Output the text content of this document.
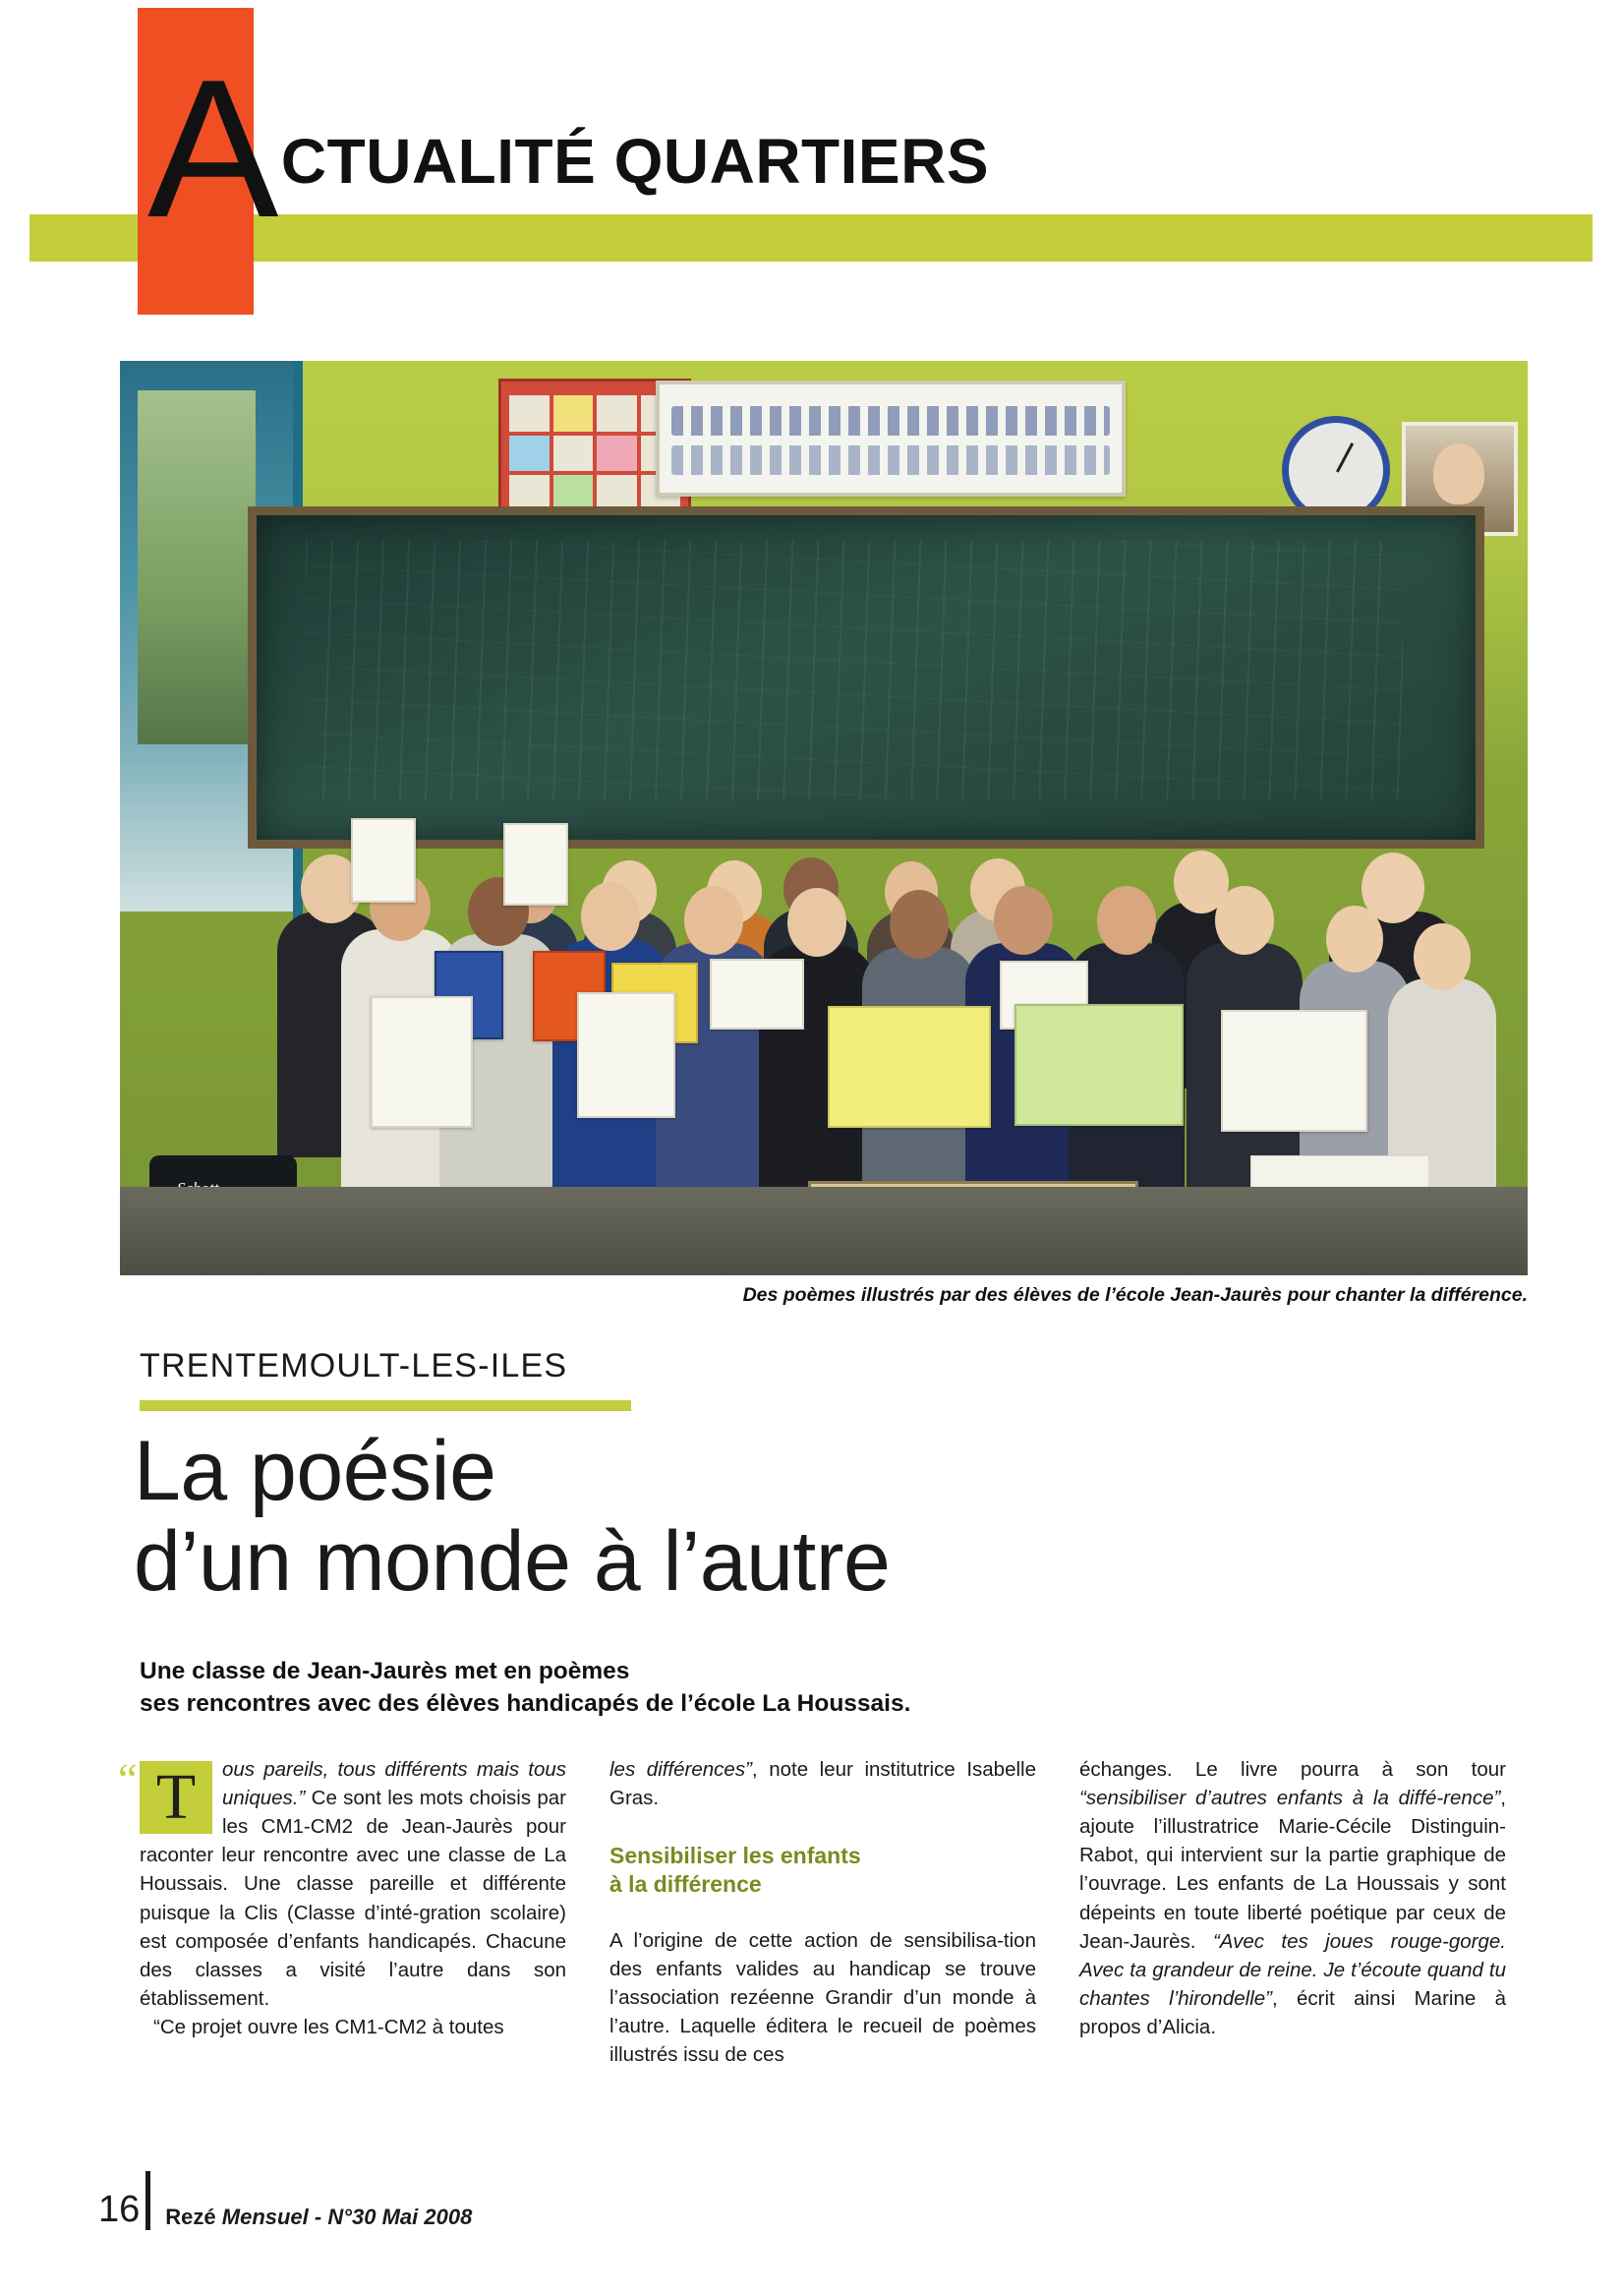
ACTUALITÉ QUARTIERS
Schott
Des poèmes illustrés par des élèves de l’école Jean-Jaurès pour chanter la différence.
TRENTEMOULT-LES-ILES
La poésie
d’un monde à l’autre
Une classe de Jean-Jaurès met en poèmes
ses rencontres avec des élèves handicapés de l’école La Houssais.

“ T	ous pareils, tous différents mais tous uniques.” Ce sont les mots choisis par les CM1-CM2 de Jean-Jaurès pour raconter leur rencontre avec une classe de La Houssais. Une classe pareille et différente puisque la Clis (Classe d’inté-gration scolaire) est composée d’enfants handicapés. Chacune des classes a visité l’autre dans son établissement.

“Ce projet ouvre les CM1-CM2 à toutes

les différences”, note leur institutrice Isabelle Gras.

Sensibiliser les enfants
à la différence

A l’origine de cette action de sensibilisa-tion des enfants valides au handicap se trouve l’association rezéenne Grandir d’un monde à l’autre. Laquelle éditera le recueil de poèmes illustrés issu de ces

échanges. Le livre pourra à son tour “sensibiliser d’autres enfants à la diffé-rence”, ajoute l’illustratrice Marie-Cécile Distinguin-Rabot, qui intervient sur la partie graphique de l’ouvrage. Les enfants de La Houssais y sont dépeints en toute liberté poétique par ceux de Jean-Jaurès. “Avec tes joues rouge-gorge. Avec ta grandeur de reine. Je t’écoute quand tu chantes l’hirondelle”, écrit ainsi Marine à propos d’Alicia.

16	Rezé Mensuel - N°30 Mai 2008
